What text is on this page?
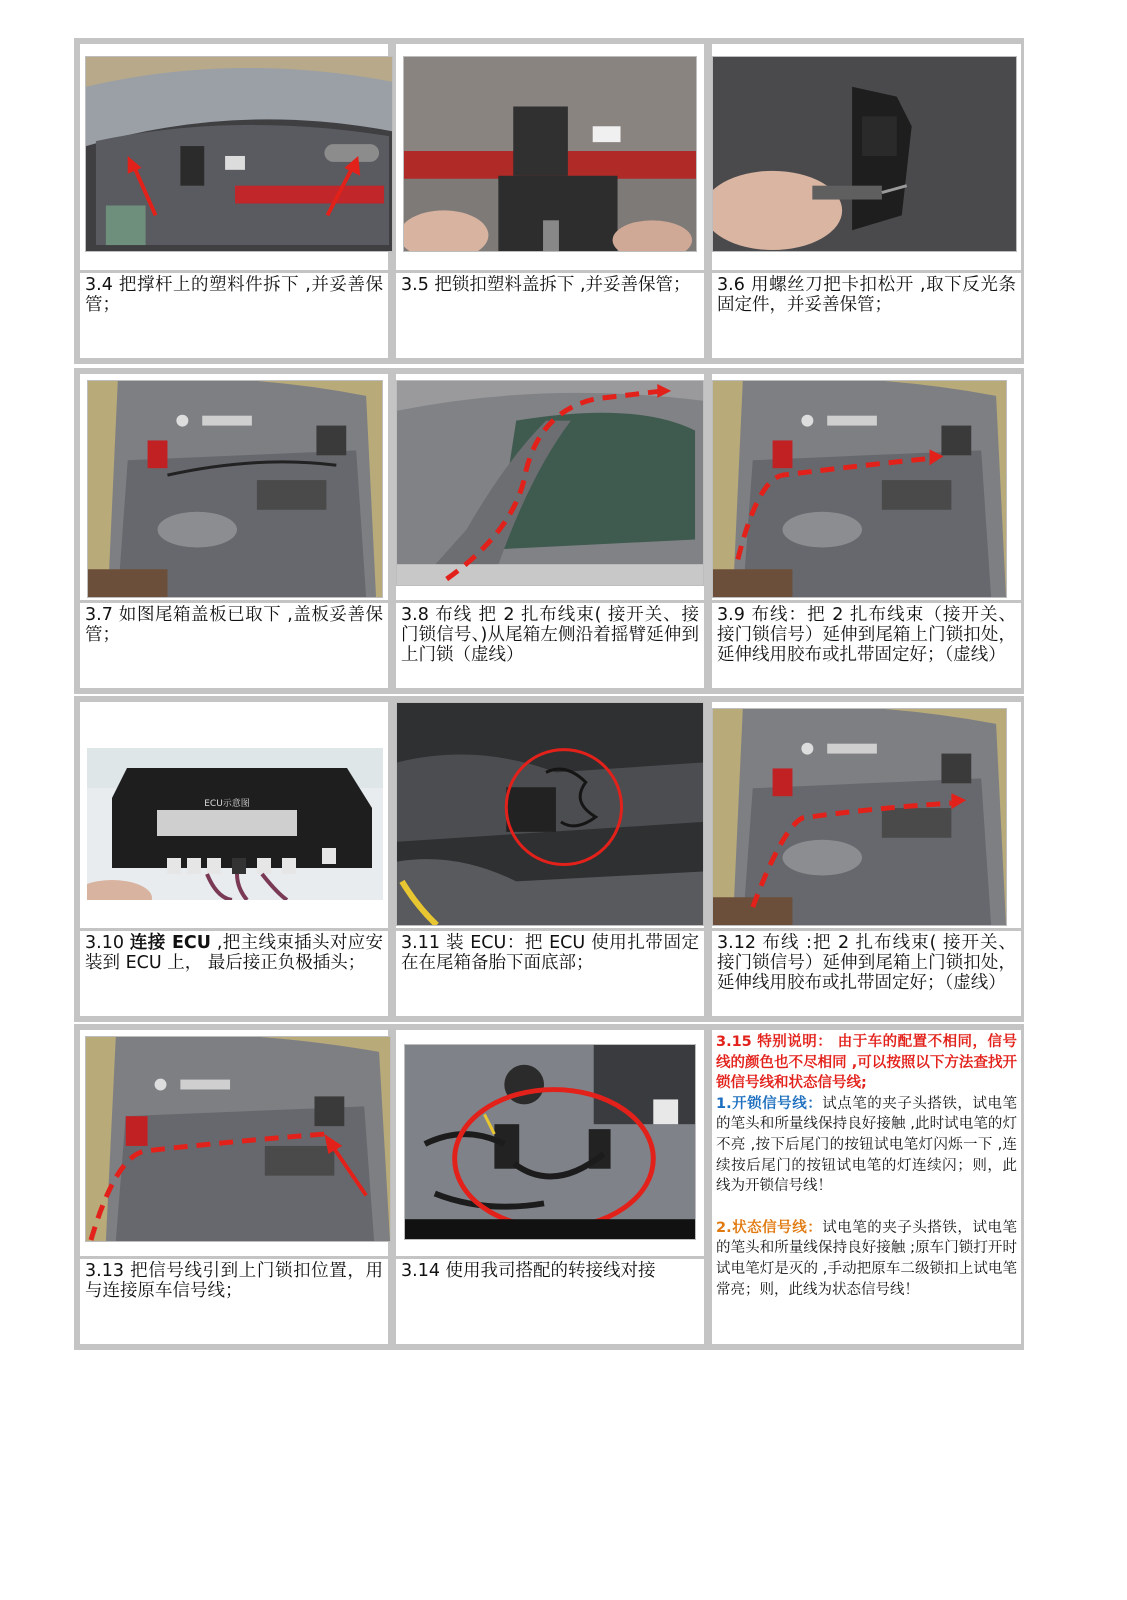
3.4 把撑杆上的塑料件拆下 ,并妥善保管；
3.5 把锁扣塑料盖拆下 ,并妥善保管；	3.6 用螺丝刀把卡扣松开 ,取下反光条固定件，并妥善保管；
3.7 如图尾箱盖板已取下 ,盖板妥善保管；
3.8 布线 把 2 扎布线束( 接开关、接门锁信号、)从尾箱左侧沿着摇臂延伸到上门锁（虚线）
3.9 布线：把 2 扎布线束（接开关、接门锁信号）延伸到尾箱上门锁扣处，延伸线用胶布或扎带固定好；（虚线）
ECU示意图
3.10 连接 ECU ,把主线束插头对应安装到 ECU 上， 最后接正负极插头；
3.11 装 ECU：把 ECU 使用扎带固定在在尾箱备胎下面底部；
3.12 布线 :把 2 扎布线束( 接开关、接门锁信号）延伸到尾箱上门锁扣处，延伸线用胶布或扎带固定好；（虚线）
3.13 把信号线引到上门锁扣位置，用与连接原车信号线；
3.14 使用我司搭配的转接线对接

3.15 特别说明： 由于车的配置不相同，信号线的颜色也不尽相同 ,可以按照以下方法查找开锁信号线和状态信号线;

1.开锁信号线：试点笔的夹子头搭铁，试电笔的笔头和所量线保持良好接触 ,此时试电笔的灯不亮 ,按下后尾门的按钮试电笔灯闪烁一下 ,连续按后尾门的按钮试电笔的灯连续闪；则，此线为开锁信号线！

2.状态信号线：试电笔的夹子头搭铁，试电笔的笔头和所量线保持良好接触 ;原车门锁打开时试电笔灯是灭的 ,手动把原车二级锁扣上试电笔常亮；则，此线为状态信号线！
